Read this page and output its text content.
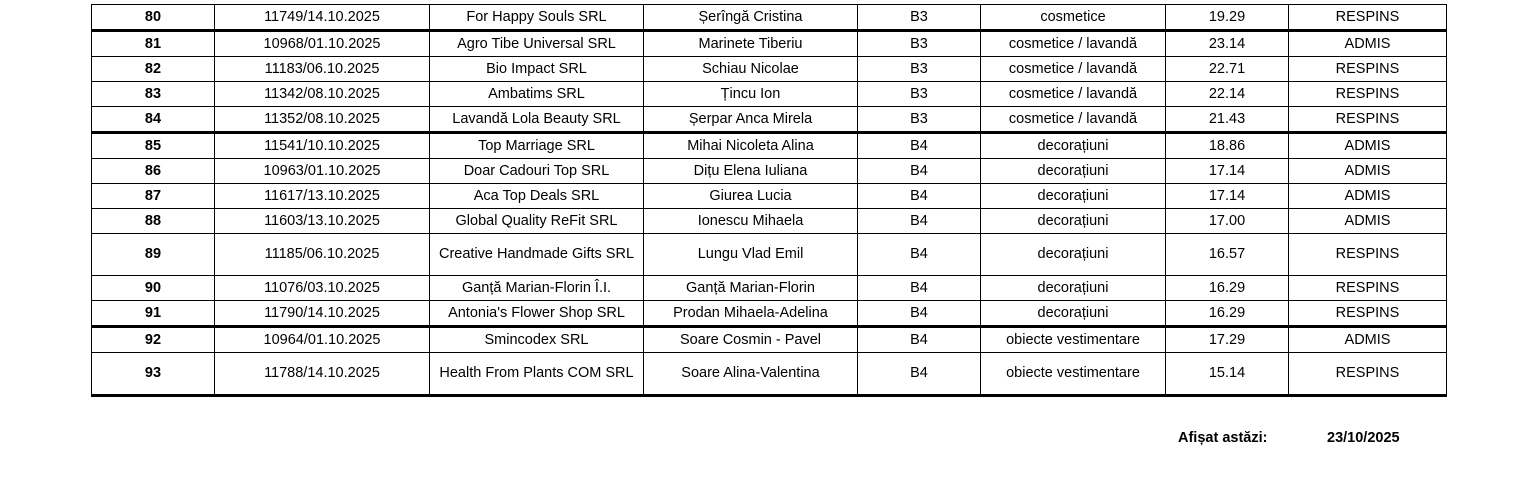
80	11749/14.10.2025	For Happy Souls SRL	Șerîngă Cristina	B3	cosmetice	19.29	RESPINS
81	10968/01.10.2025	Agro Tibe Universal SRL	Marinete Tiberiu	B3	cosmetice / lavandă	23.14	ADMIS
82	11183/06.10.2025	Bio Impact SRL	Schiau Nicolae	B3	cosmetice / lavandă	22.71	RESPINS
83	11342/08.10.2025	Ambatims SRL	Țincu Ion	B3	cosmetice / lavandă	22.14	RESPINS
84	11352/08.10.2025	Lavandă Lola Beauty SRL	Șerpar Anca Mirela	B3	cosmetice / lavandă	21.43	RESPINS
85	11541/10.10.2025	Top Marriage SRL	Mihai Nicoleta Alina	B4	decorațiuni	18.86	ADMIS
86	10963/01.10.2025	Doar Cadouri Top SRL	Dițu Elena Iuliana	B4	decorațiuni	17.14	ADMIS
87	11617/13.10.2025	Aca Top Deals SRL	Giurea Lucia	B4	decorațiuni	17.14	ADMIS
88	11603/13.10.2025	Global Quality ReFit SRL	Ionescu Mihaela	B4	decorațiuni	17.00	ADMIS
89	11185/06.10.2025	Creative Handmade Gifts SRL	Lungu Vlad Emil	B4	decorațiuni	16.57	RESPINS
90	11076/03.10.2025	Ganță Marian-Florin Î.I.	Ganță Marian-Florin	B4	decorațiuni	16.29	RESPINS
91	11790/14.10.2025	Antonia's Flower Shop SRL	Prodan Mihaela-Adelina	B4	decorațiuni	16.29	RESPINS
92	10964/01.10.2025	Smincodex SRL	Soare Cosmin - Pavel	B4	obiecte vestimentare	17.29	ADMIS
93	11788/14.10.2025	Health From Plants COM SRL	Soare Alina-Valentina	B4	obiecte vestimentare	15.14	RESPINS
Afișat astăzi:	23/10/2025
